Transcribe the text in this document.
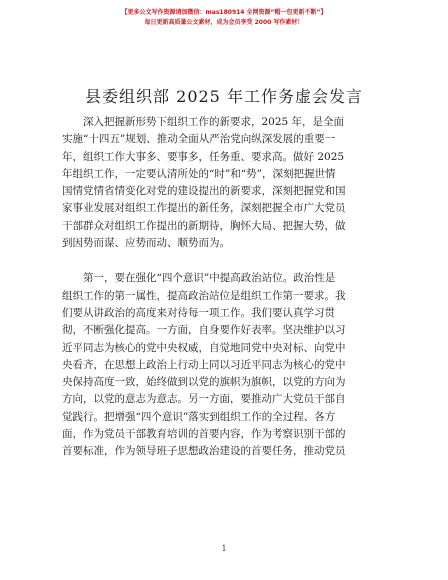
【更多公文写作资源请加微信：mas180914 全网资源“帽一包更新不断”】
每日更新高质量公文素材，成为会员享受 2000 写作素材！
县委组织部 2025 年工作务虚会发言
深入把握新形势下组织工作的新要求，2025 年，是全面
实施“十四五”规划、推动全面从严治党向纵深发展的重要一
年，组织工作大事多、要事多，任务重、要求高。做好 2025
年组织工作，一定要认清所处的“时”和“势”，深刻把握世情
国情党情省情变化对党的建设提出的新要求，深刻把握党和国
家事业发展对组织工作提出的新任务，深刻把握全市广大党员
干部群众对组织工作提出的新期待，胸怀大局、把握大势，做
到因势而谋、应势而动、顺势而为。
第一，要在强化“四个意识”中提高政治站位。政治性是
组织工作的第一属性，提高政治站位是组织工作第一要求。我
们要从讲政治的高度来对待每一项工作。我们要认真学习贯
彻，不断强化提高。一方面，自身要作好表率。坚决维护以习
近平同志为核心的党中央权威，自觉地同党中央对标、向党中
央看齐，在思想上政治上行动上同以习近平同志为核心的党中
央保持高度一致，始终做到以党的旗帜为旗帜，以党的方向为
方向，以党的意志为意志。另一方面，要推动广大党员干部自
觉践行。把增强“四个意识”落实到组织工作的全过程、各方
面，作为党员干部教育培训的首要内容，作为考察识别干部的
首要标准，作为领导班子思想政治建设的首要任务，推动党员
1
